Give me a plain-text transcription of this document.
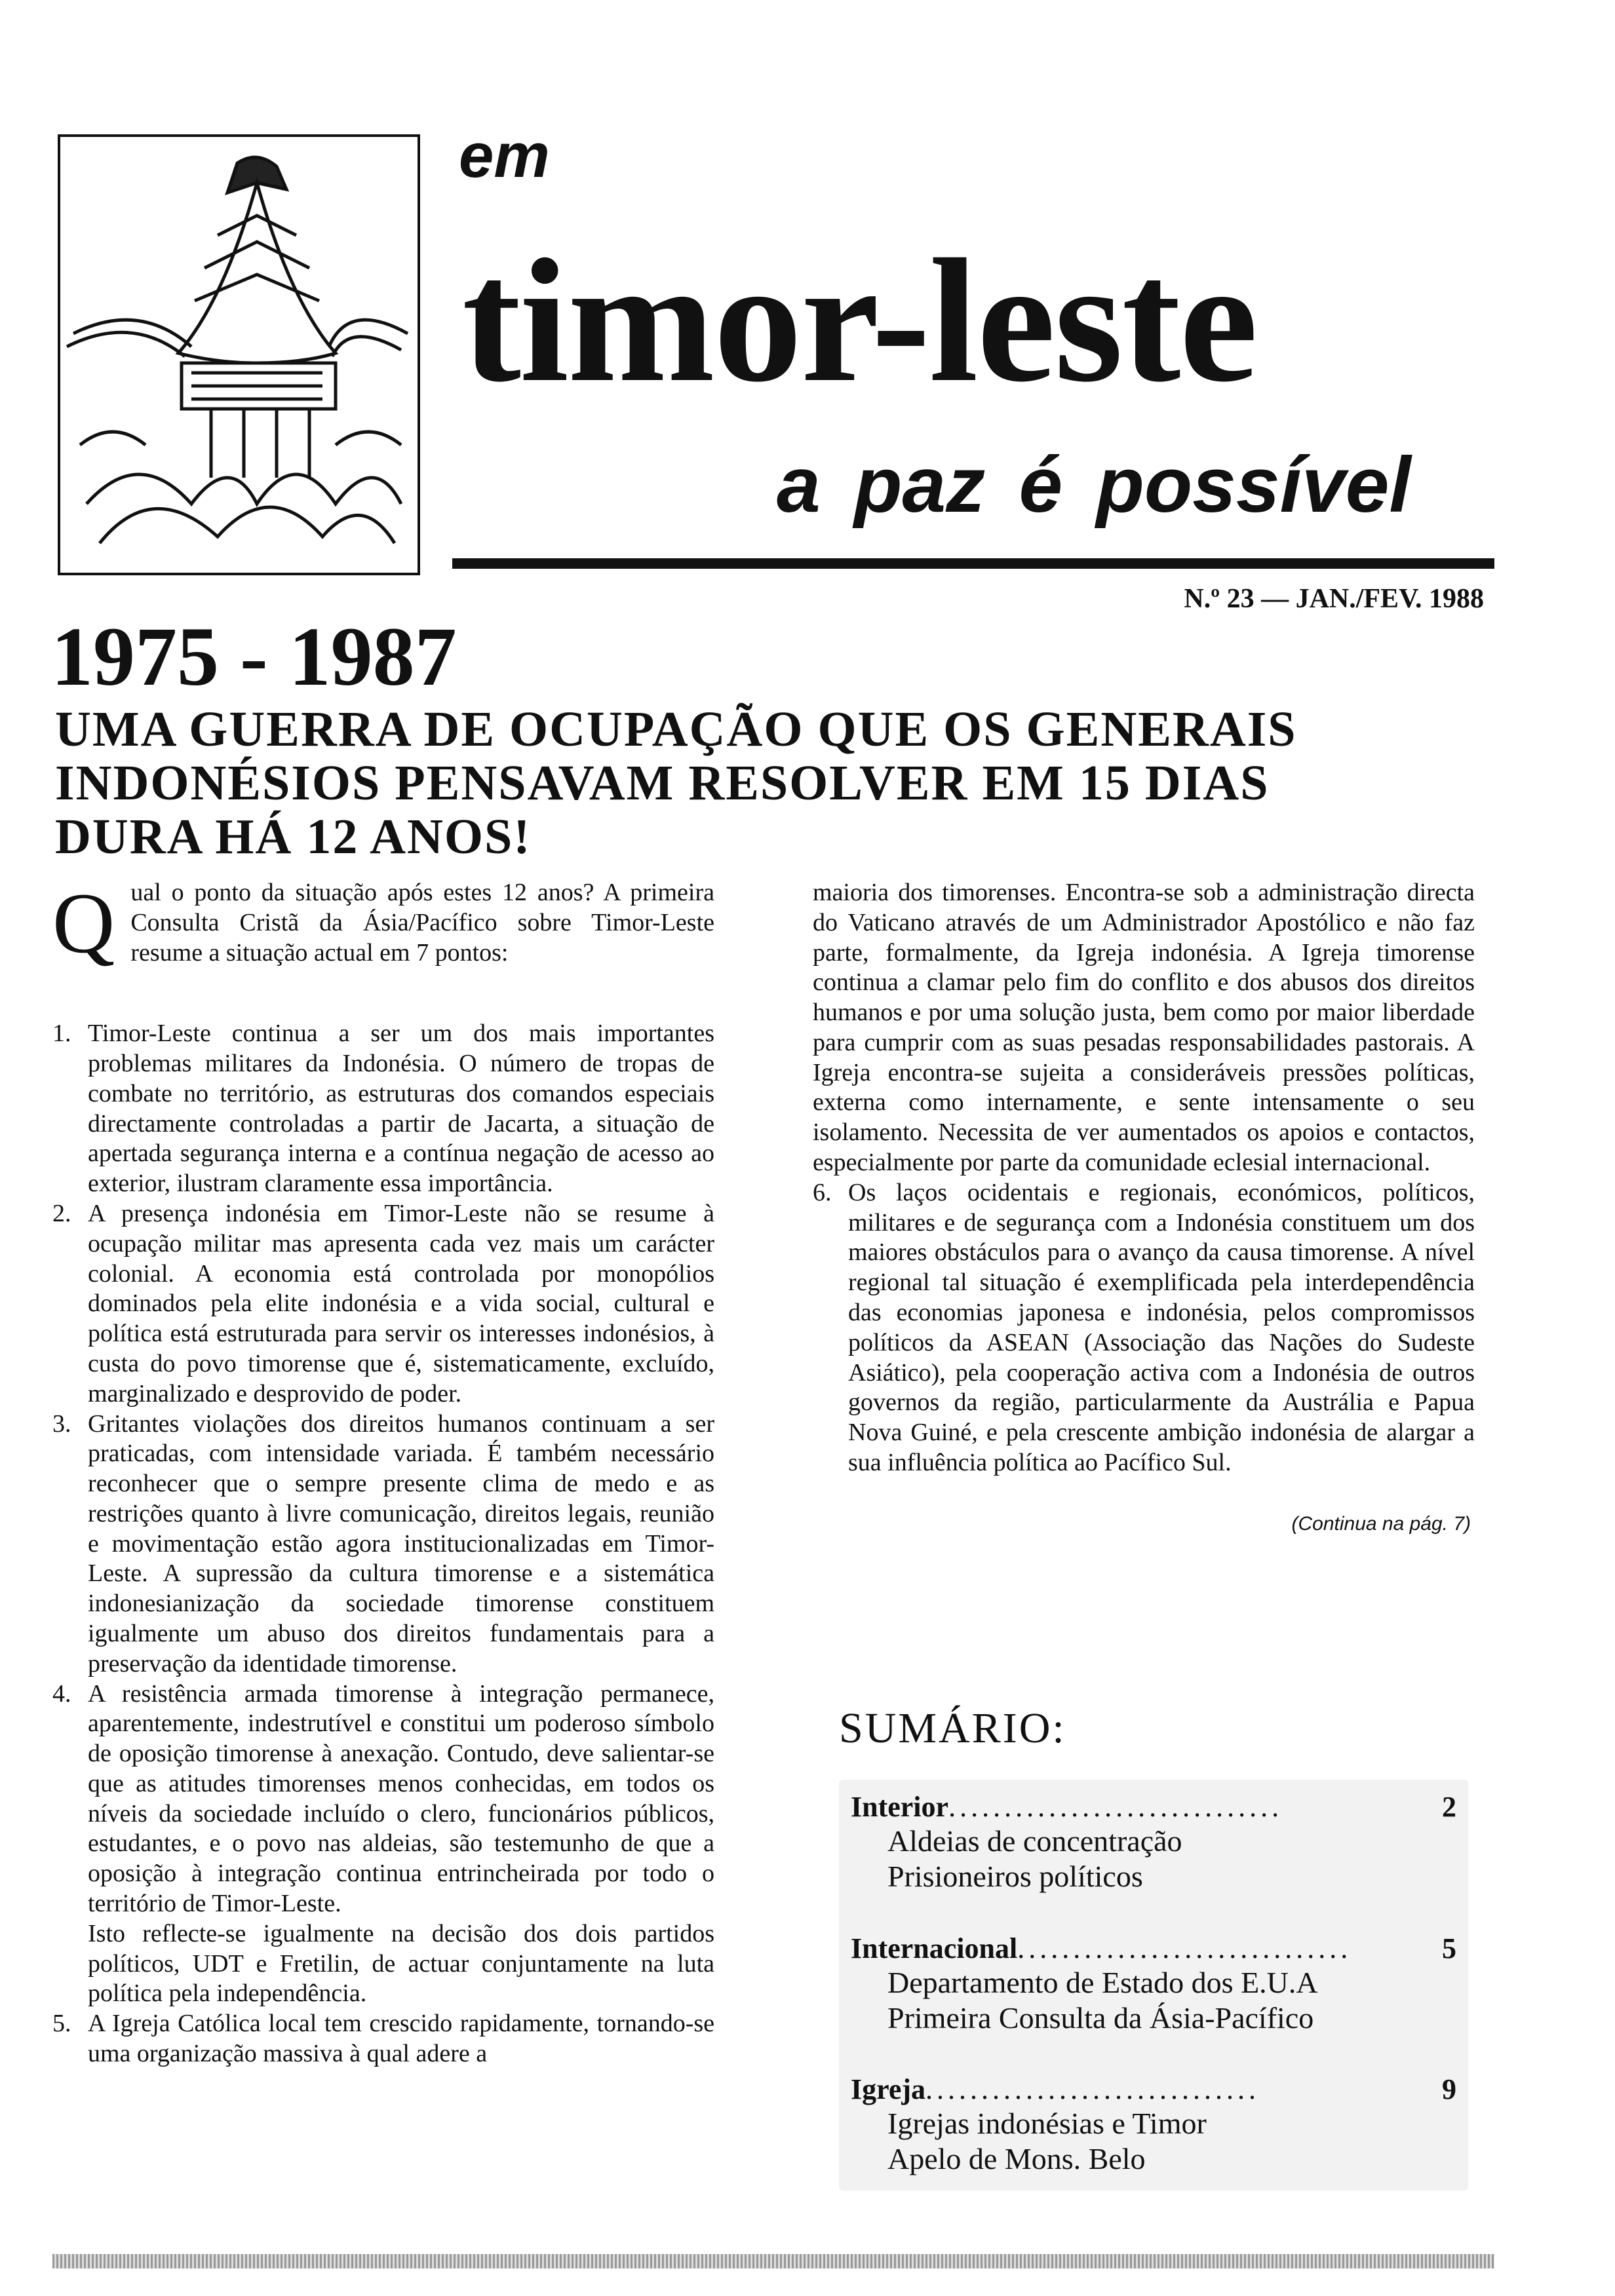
em
timor-leste
a paz é possível
N.º 23 — JAN./FEV. 1988
1975 - 1987
UMA GUERRA DE OCUPAÇÃO QUE OS GENERAIS
INDONÉSIOS PENSAVAM RESOLVER EM 15 DIAS
DURA HÁ 12 ANOS!
Q ual o ponto da situação após estes 12 anos? A primeira Consulta Cristã da Ásia/Pacífico sobre Timor-Leste resume a situação actual em 7 pontos:

1. Timor-Leste continua a ser um dos mais importantes problemas militares da Indonésia. O número de tropas de combate no território, as estruturas dos comandos especiais directamente controladas a partir de Jacarta, a situação de apertada segurança interna e a contínua negação de acesso ao exterior, ilustram claramente essa importância.

2. A presença indonésia em Timor-Leste não se resume à ocupação militar mas apresenta cada vez mais um carácter colonial. A economia está controlada por monopólios dominados pela elite indonésia e a vida social, cultural e política está estruturada para servir os interesses indonésios, à custa do povo timorense que é, sistematicamente, excluído, marginalizado e desprovido de poder.

3. Gritantes violações dos direitos humanos continuam a ser praticadas, com intensidade variada. É também necessário reconhecer que o sempre presente clima de medo e as restrições quanto à livre comunicação, direitos legais, reunião e movimentação estão agora institucionalizadas em Timor-Leste. A supressão da cultura timorense e a sistemática indonesianização da sociedade timorense constituem igualmente um abuso dos direitos fundamentais para a preservação da identidade timorense.

4. A resistência armada timorense à integração permanece, aparentemente, indestrutível e constitui um poderoso símbolo de oposição timorense à anexação. Contudo, deve salientar-se que as atitudes timorenses menos conhecidas, em todos os níveis da sociedade incluído o clero, funcionários públicos, estudantes, e o povo nas aldeias, são testemunho de que a oposição à integração continua entrincheirada por todo o território de Timor-Leste.

Isto reflecte-se igualmente na decisão dos dois partidos políticos, UDT e Fretilin, de actuar conjuntamente na luta política pela independência.

5. A Igreja Católica local tem crescido rapidamente, tornando-se uma organização massiva à qual adere a

maioria dos timorenses. Encontra-se sob a administração directa do Vaticano através de um Administrador Apostólico e não faz parte, formalmente, da Igreja indonésia. A Igreja timorense continua a clamar pelo fim do conflito e dos abusos dos direitos humanos e por uma solução justa, bem como por maior liberdade para cumprir com as suas pesadas responsabilidades pastorais. A Igreja encontra-se sujeita a consideráveis pressões políticas, externa como internamente, e sente intensamente o seu isolamento. Necessita de ver aumentados os apoios e contactos, especialmente por parte da comunidade eclesial internacional.

6. Os laços ocidentais e regionais, económicos, políticos, militares e de segurança com a Indonésia constituem um dos maiores obstáculos para o avanço da causa timorense. A nível regional tal situação é exemplificada pela interdependência das economias japonesa e indonésia, pelos compromissos políticos da ASEAN (Associação das Nações do Sudeste Asiático), pela cooperação activa com a Indonésia de outros governos da região, particularmente da Austrália e Papua Nova Guiné, e pela crescente ambição indonésia de alargar a sua influência política ao Pacífico Sul.

(Continua na pág. 7)
SUMÁRIO:
Interior ..............................	2
Aldeias de concentração
Prisioneiros políticos
Internacional ..............................	5
Departamento de Estado dos E.U.A
Primeira Consulta da Ásia-Pacífico
Igreja ..............................	9
Igrejas indonésias e Timor
Apelo de Mons. Belo
